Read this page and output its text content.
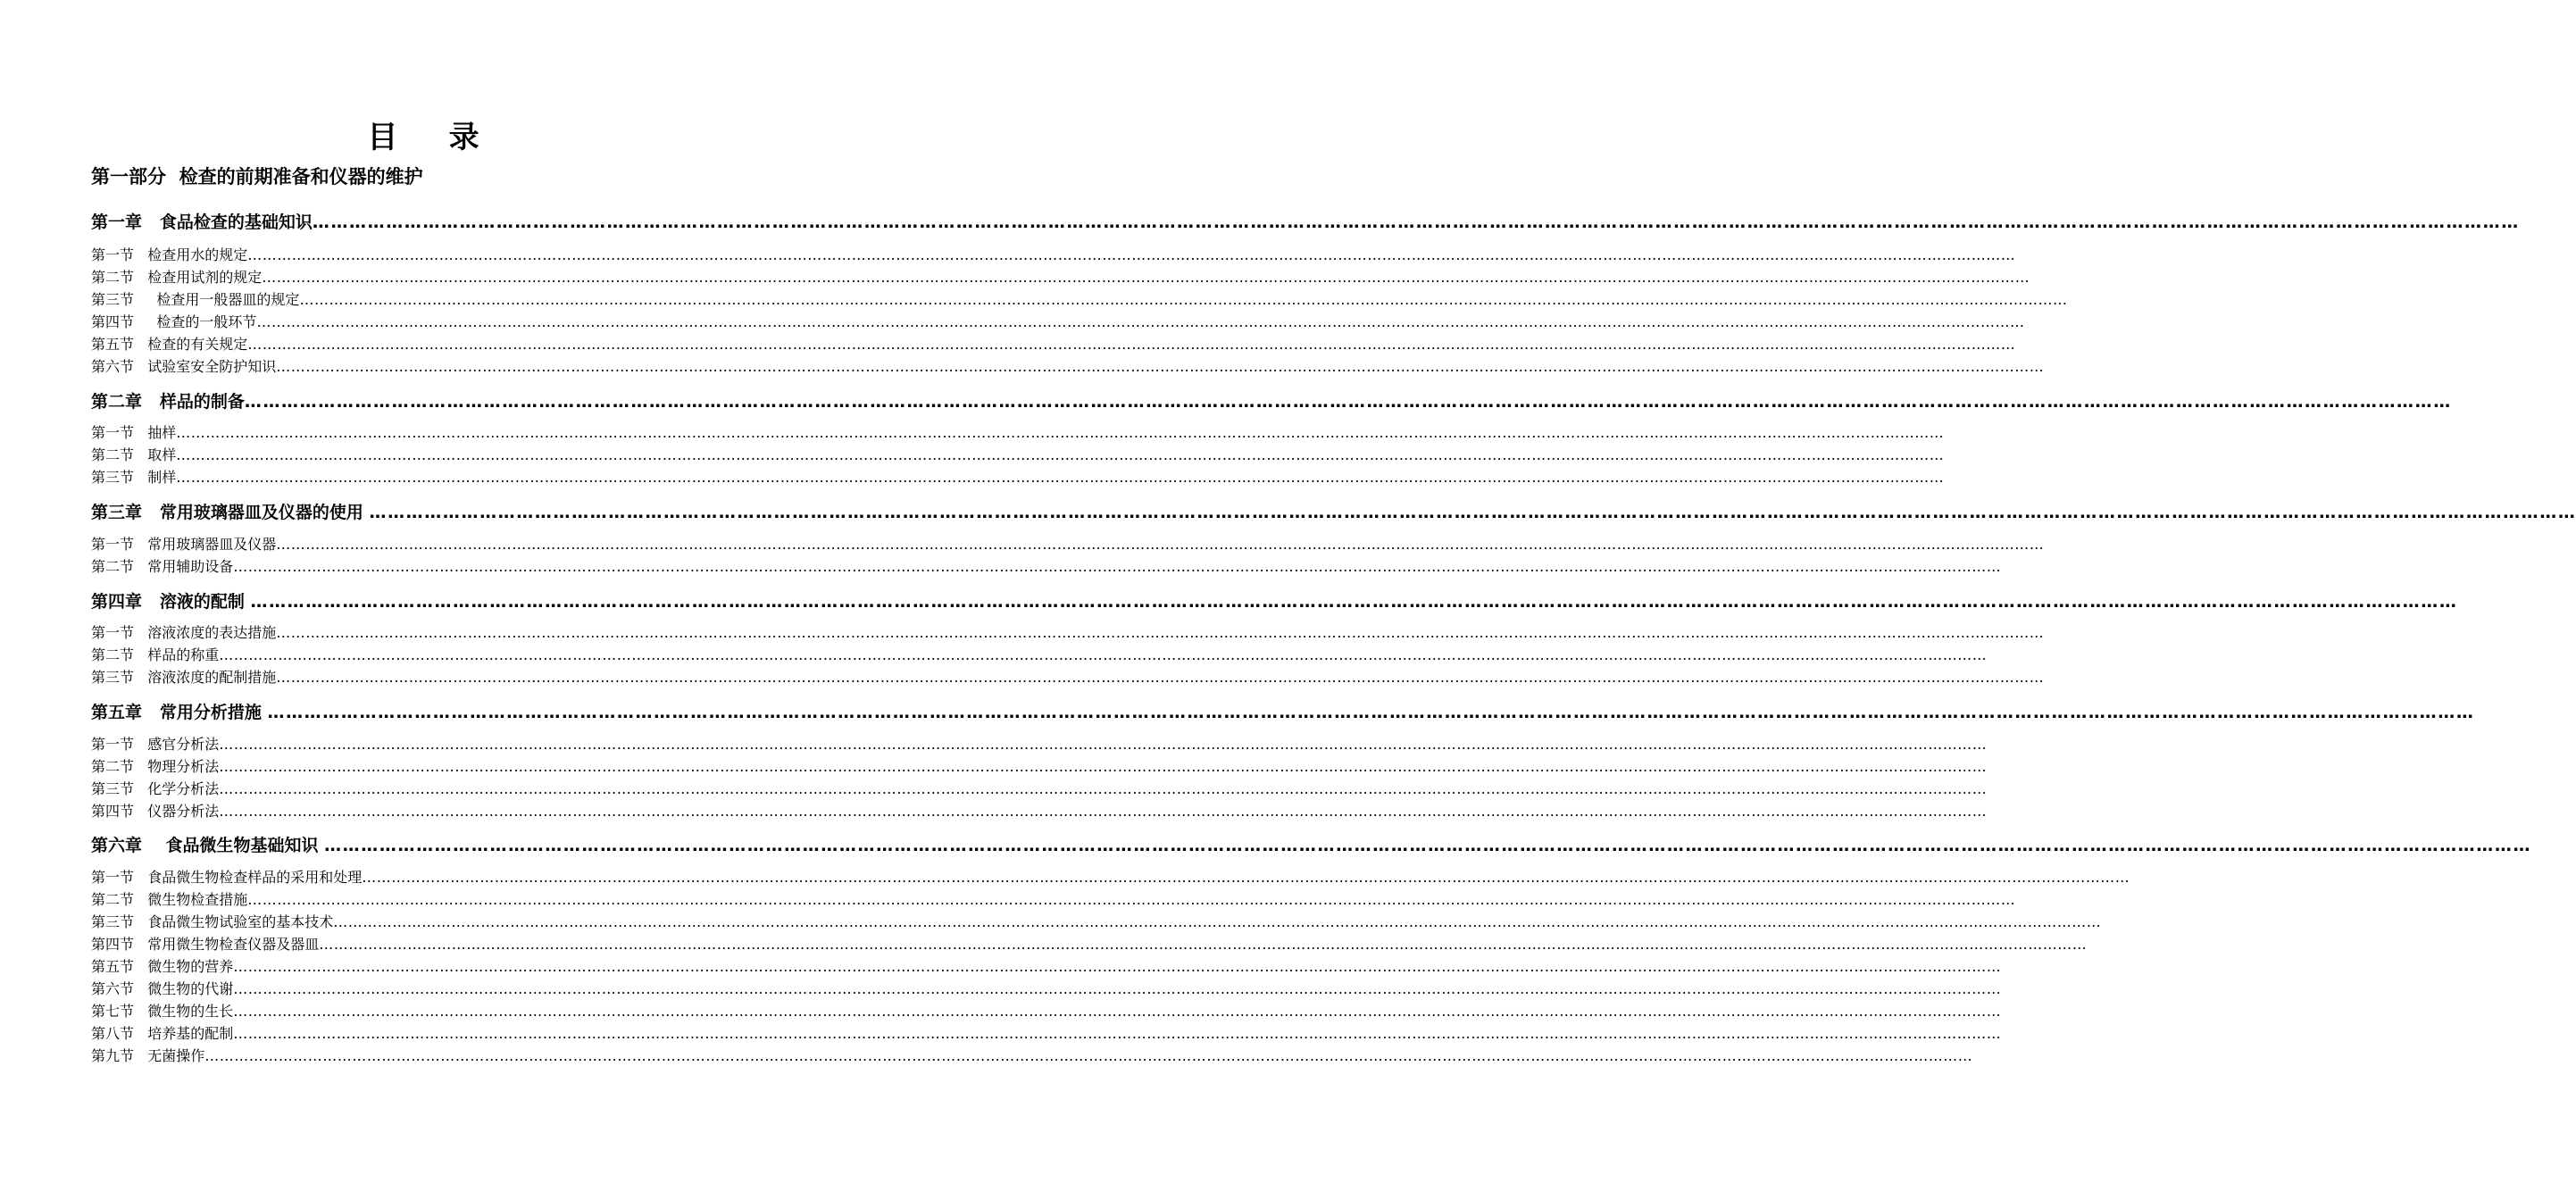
目    录
第一部分  检查的前期准备和仪器的维护
第一章   食品检查的基础知识………………………………………………………………………………………………………………………………………………………………………………………………………………………………………………………………………………………………………………………………
第一节   检查用水的规定………………………………………………………………………………………………………………………………………………………………………………………………………………………………………………………………………………………………………………………………
第二节   检查用试剂的规定………………………………………………………………………………………………………………………………………………………………………………………………………………………………………………………………………………………………………………………………
第三节     检查用一般器皿的规定………………………………………………………………………………………………………………………………………………………………………………………………………………………………………………………………………………………………………………………………
第四节     检查的一般环节………………………………………………………………………………………………………………………………………………………………………………………………………………………………………………………………………………………………………………………………
第五节   检查的有关规定………………………………………………………………………………………………………………………………………………………………………………………………………………………………………………………………………………………………………………………………
第六节   试验室安全防护知识………………………………………………………………………………………………………………………………………………………………………………………………………………………………………………………………………………………………………………………………
第二章   样品的制备………………………………………………………………………………………………………………………………………………………………………………………………………………………………………………………………………………………………………………………………
第一节   抽样………………………………………………………………………………………………………………………………………………………………………………………………………………………………………………………………………………………………………………………………
第二节   取样………………………………………………………………………………………………………………………………………………………………………………………………………………………………………………………………………………………………………………………………
第三节   制样………………………………………………………………………………………………………………………………………………………………………………………………………………………………………………………………………………………………………………………………
第三章   常用玻璃器皿及仪器的使用 ………………………………………………………………………………………………………………………………………………………………………………………………………………………………………………………………………………………………………………………………
第一节   常用玻璃器皿及仪器………………………………………………………………………………………………………………………………………………………………………………………………………………………………………………………………………………………………………………………………
第二节   常用辅助设备………………………………………………………………………………………………………………………………………………………………………………………………………………………………………………………………………………………………………………………………
第四章   溶液的配制 ………………………………………………………………………………………………………………………………………………………………………………………………………………………………………………………………………………………………………………………………
第一节   溶液浓度的表达措施………………………………………………………………………………………………………………………………………………………………………………………………………………………………………………………………………………………………………………………………
第二节   样品的称重………………………………………………………………………………………………………………………………………………………………………………………………………………………………………………………………………………………………………………………………
第三节   溶液浓度的配制措施………………………………………………………………………………………………………………………………………………………………………………………………………………………………………………………………………………………………………………………………
第五章   常用分析措施 ………………………………………………………………………………………………………………………………………………………………………………………………………………………………………………………………………………………………………………………………
第一节   感官分析法………………………………………………………………………………………………………………………………………………………………………………………………………………………………………………………………………………………………………………………………
第二节   物理分析法………………………………………………………………………………………………………………………………………………………………………………………………………………………………………………………………………………………………………………………………
第三节   化学分析法………………………………………………………………………………………………………………………………………………………………………………………………………………………………………………………………………………………………………………………………
第四节   仪器分析法………………………………………………………………………………………………………………………………………………………………………………………………………………………………………………………………………………………………………………………………
第六章    食品微生物基础知识 ………………………………………………………………………………………………………………………………………………………………………………………………………………………………………………………………………………………………………………………………
第一节   食品微生物检查样品的采用和处理………………………………………………………………………………………………………………………………………………………………………………………………………………………………………………………………………………………………………………………………
第二节   微生物检查措施………………………………………………………………………………………………………………………………………………………………………………………………………………………………………………………………………………………………………………………………
第三节   食品微生物试验室的基本技术………………………………………………………………………………………………………………………………………………………………………………………………………………………………………………………………………………………………………………………………
第四节   常用微生物检查仪器及器皿………………………………………………………………………………………………………………………………………………………………………………………………………………………………………………………………………………………………………………………………
第五节   微生物的营养………………………………………………………………………………………………………………………………………………………………………………………………………………………………………………………………………………………………………………………………
第六节   微生物的代谢………………………………………………………………………………………………………………………………………………………………………………………………………………………………………………………………………………………………………………………………
第七节   微生物的生长………………………………………………………………………………………………………………………………………………………………………………………………………………………………………………………………………………………………………………………………
第八节   培养基的配制………………………………………………………………………………………………………………………………………………………………………………………………………………………………………………………………………………………………………………………………
第九节   无菌操作………………………………………………………………………………………………………………………………………………………………………………………………………………………………………………………………………………………………………………………………
